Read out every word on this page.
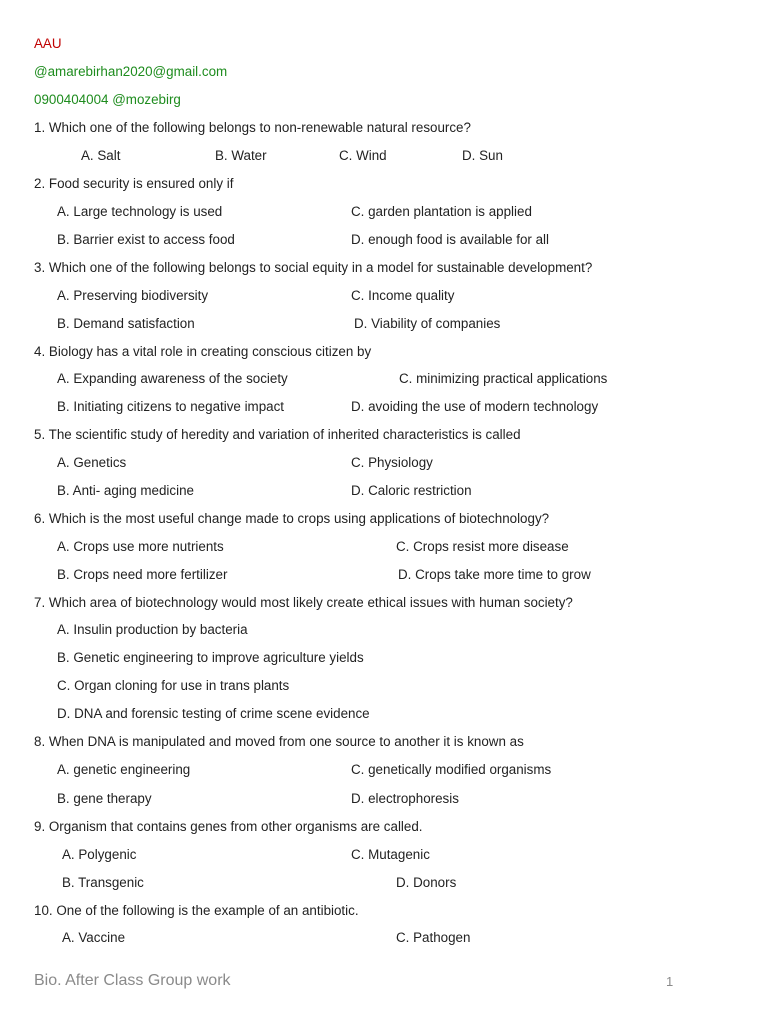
AAU
@amarebirhan2020@gmail.com
0900404004 @mozebirg
1. Which one of the following belongs to non-renewable natural resource?
A. Salt	B. Water	C. Wind	D. Sun
2. Food security is ensured only if
A. Large technology is used	C. garden plantation is applied
B. Barrier exist to access food	D. enough food is available for all
3. Which one of the following belongs to social equity in a model for sustainable development?
A. Preserving biodiversity	C. Income quality
B. Demand satisfaction	D. Viability of companies
4. Biology has a vital role in creating conscious citizen by
A. Expanding awareness of the society	C. minimizing practical applications
B. Initiating citizens to negative impact	D. avoiding the use of modern technology
5. The scientific study of heredity and variation of inherited characteristics is called
A. Genetics	C. Physiology
B. Anti- aging medicine	D. Caloric restriction
6. Which is the most useful change made to crops using applications of biotechnology?
A. Crops use more nutrients	C. Crops resist more disease
B. Crops need more fertilizer	D. Crops take more time to grow
7. Which area of biotechnology would most likely create ethical issues with human society?
A. Insulin production by bacteria
B. Genetic engineering to improve agriculture yields
C. Organ cloning for use in trans plants
D. DNA and forensic testing of crime scene evidence
8. When DNA is manipulated and moved from one source to another it is known as
A. genetic engineering	C. genetically modified organisms
B. gene therapy	D. electrophoresis
9. Organism that contains genes from other organisms are called.
A. Polygenic	C. Mutagenic
B. Transgenic	D. Donors
10. One of the following is the example of an antibiotic.
A. Vaccine	C. Pathogen
Bio. After Class Group work	1
